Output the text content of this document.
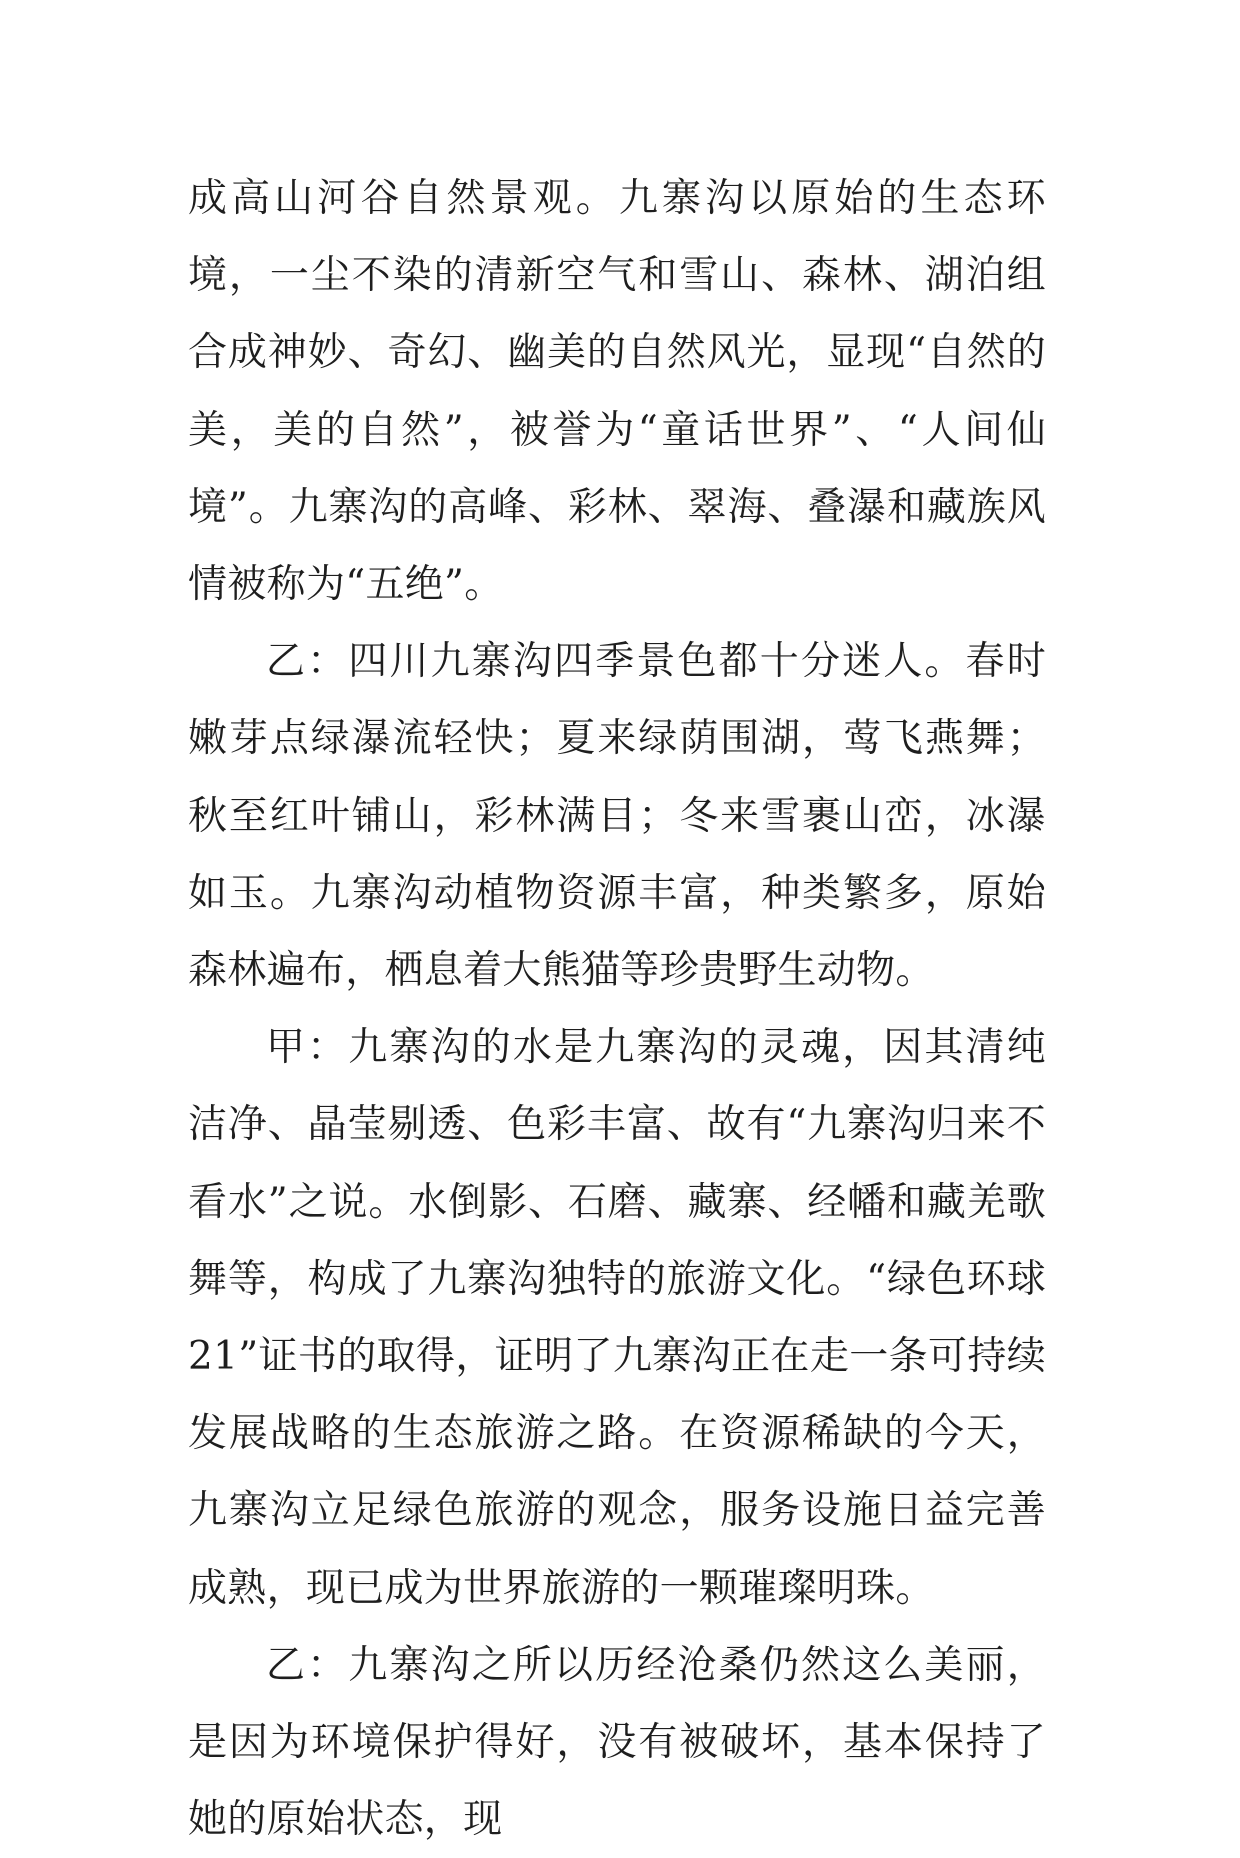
成高山河谷自然景观。九寨沟以原始的生态环境，一尘不染的清新空气和雪山、森林、湖泊组合成神妙、奇幻、幽美的自然风光，显现“自然的美，美的自然”，被誉为“童话世界”、“人间仙境”。九寨沟的高峰、彩林、翠海、叠瀑和藏族风情被称为“五绝”。

乙：四川九寨沟四季景色都十分迷人。春时嫩芽点绿瀑流轻快；夏来绿荫围湖，莺飞燕舞；秋至红叶铺山，彩林满目；冬来雪裹山峦，冰瀑如玉。九寨沟动植物资源丰富，种类繁多，原始森林遍布，栖息着大熊猫等珍贵野生动物。

甲：九寨沟的水是九寨沟的灵魂，因其清纯洁净、晶莹剔透、色彩丰富、故有“九寨沟归来不看水”之说。水倒影、石磨、藏寨、经幡和藏羌歌舞等，构成了九寨沟独特的旅游文化。“绿色环球 21”证书的取得，证明了九寨沟正在走一条可持续发展战略的生态旅游之路。在资源稀缺的今天，九寨沟立足绿色旅游的观念，服务设施日益完善成熟，现已成为世界旅游的一颗璀璨明珠。

乙：九寨沟之所以历经沧桑仍然这么美丽，是因为环境保护得好，没有被破坏，基本保持了她的原始状态，现
